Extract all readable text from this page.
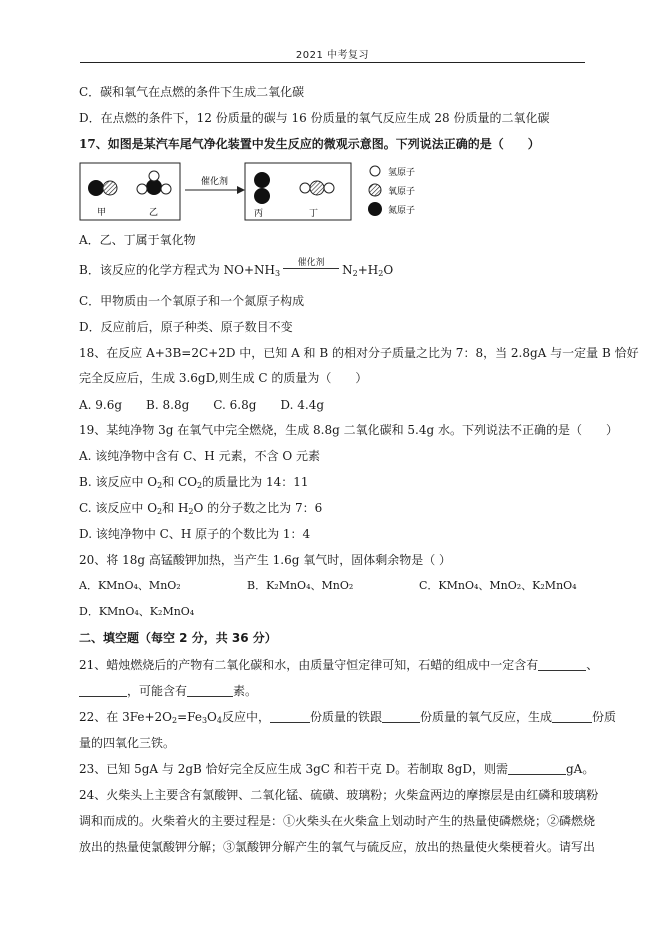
2021 中考复习
C．碳和氧气在点燃的条件下生成二氧化碳
D．在点燃的条件下，12 份质量的碳与 16 份质量的氧气反应生成 28 份质量的二氧化碳
17、如图是某汽车尾气净化装置中发生反应的微观示意图。下列说法正确的是（　　）
甲	乙
催化剂
丙	丁
氢原子
氧原子
氮原子
A．乙、丁属于氧化物
B．该反应的化学方程式为 $NO+NH_3$
催化剂
$N_2+H_2O$
C．甲物质由一个氧原子和一个氮原子构成
D．反应前后，原子种类、原子数目不变
18、在反应 A+3B=2C+2D 中，已知 A 和 B 的相对分子质量之比为 7：8，当 2.8gA 与一定量 B 恰好
完全反应后，生成 3.6gD,则生成 C 的质量为（　　）
A. 9.6g　　B. 8.8g　　C. 6.8g　　D. 4.4g
19、某纯净物 3g 在氧气中完全燃烧，生成 8.8g 二氧化碳和 5.4g 水。下列说法不正确的是（　　）
A. 该纯净物中含有 C、H 元素，不含 O 元素
B. 该反应中 $O_2$和 $CO_2$的质量比为 14：11
C. 该反应中 $O_2$和 $H_2O$ 的分子数之比为 7：6
D. 该纯净物中 C、H 原子的个数比为 1：4
20、将 18g 高锰酸钾加热，当产生 1.6g 氧气时，固体剩余物是（ ）
A．KMnO₄、MnO₂	B．K₂MnO₄、MnO₂	C．KMnO₄、MnO₂、K₂MnO₄
D．KMnO₄、K₂MnO₄
二、填空题（每空 2 分，共 36 分）
21、蜡烛燃烧后的产物有二氧化碳和水，由质量守恒定律可知，石蜡的组成中一定含有	、
，可能含有	素。
22、在 $3Fe+2O_2=Fe_3O_4$反应中，	份质量的铁跟	份质量的氧气反应，生成	份质
量的四氧化三铁。
23、已知 5gA 与 2gB 恰好完全反应生成 3gC 和若干克 D。若制取 8gD，则需	gA。
24、火柴头上主要含有氯酸钾、二氧化锰、硫磺、玻璃粉；火柴盒两边的摩擦层是由红磷和玻璃粉
调和而成的。火柴着火的主要过程是：①火柴头在火柴盒上划动时产生的热量使磷燃烧；②磷燃烧
放出的热量使氯酸钾分解；③氯酸钾分解产生的氧气与硫反应，放出的热量使火柴梗着火。请写出
